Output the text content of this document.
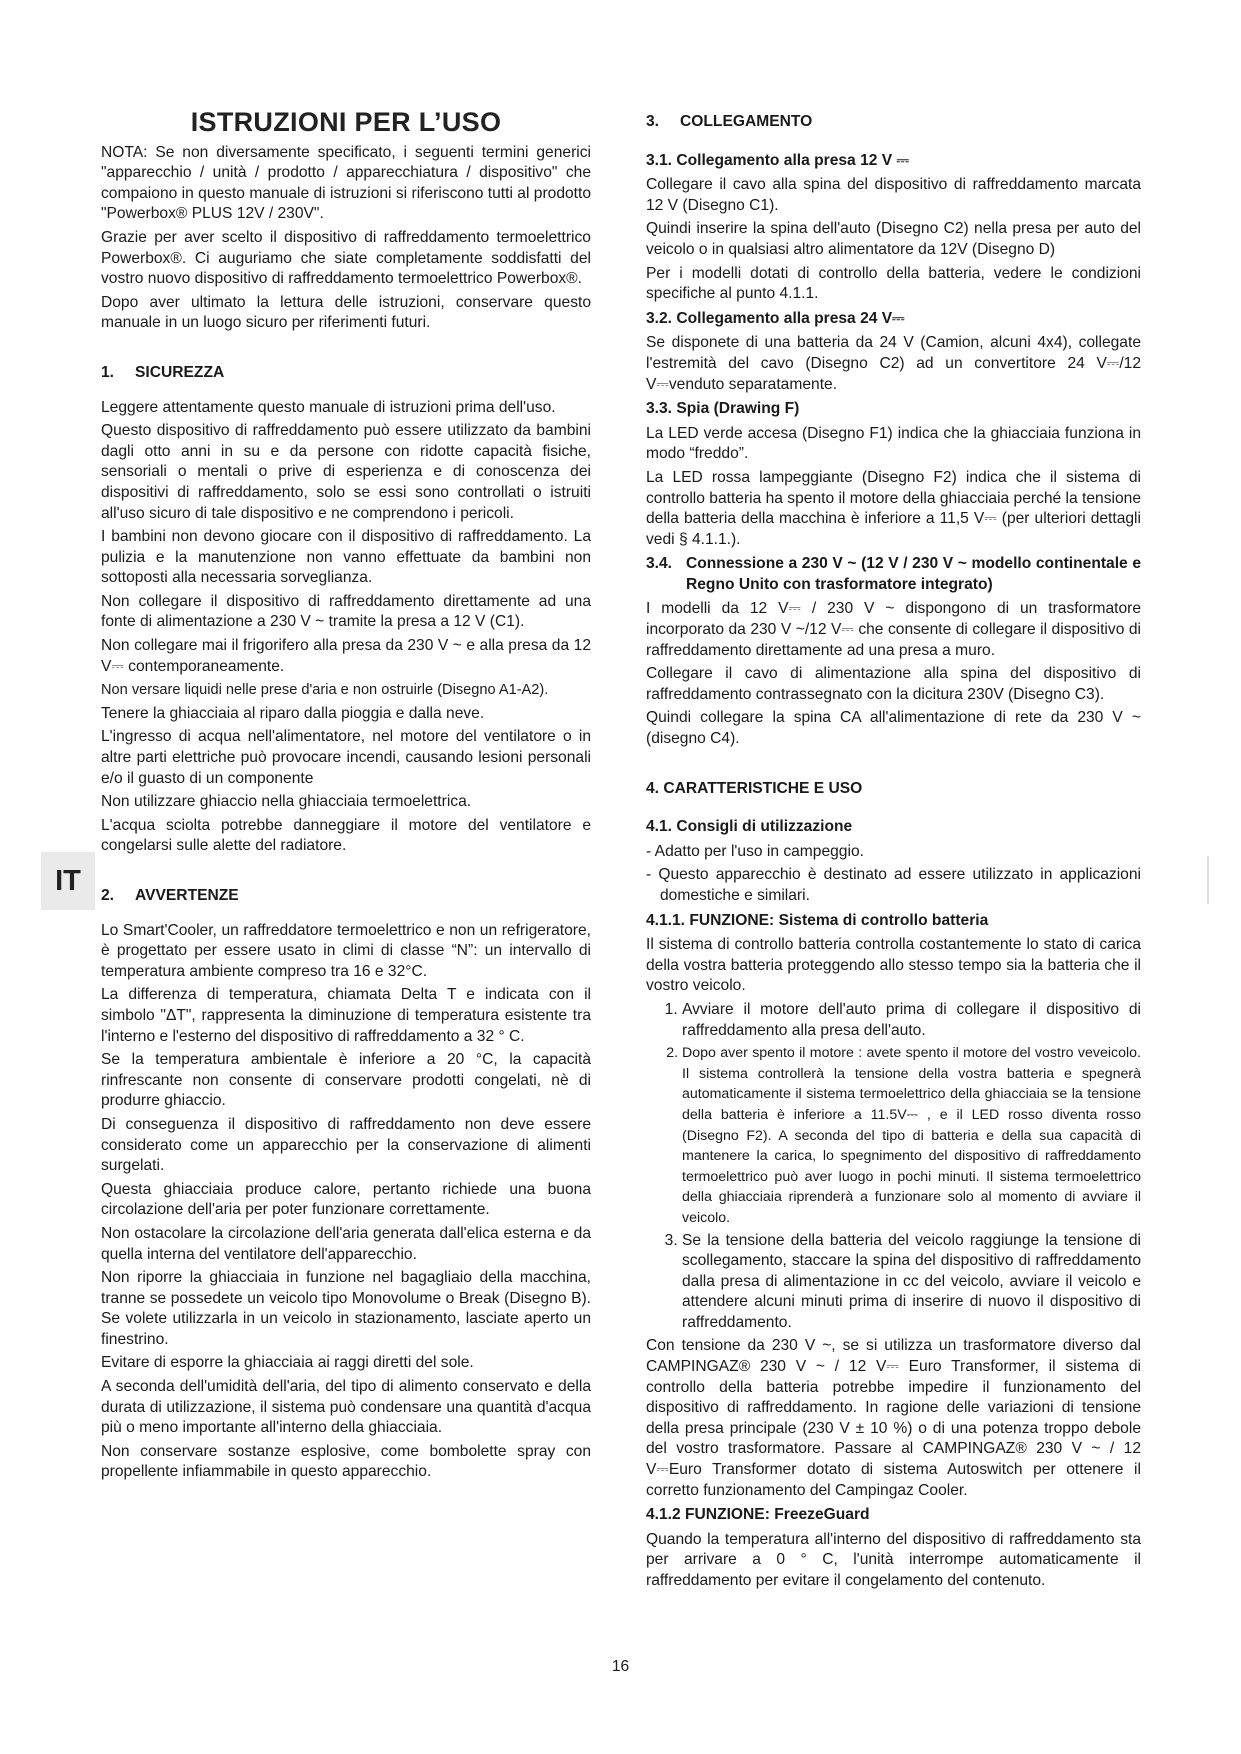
IT
ISTRUZIONI PER L’USO

NOTA: Se non diversamente specificato, i seguenti termini generici "apparecchio / unità / prodotto / apparecchiatura / dispositivo" che compaiono in questo manuale di istruzioni si riferiscono tutti al prodotto "Powerbox® PLUS 12V / 230V".

Grazie per aver scelto il dispositivo di raffreddamento termoelettrico Powerbox®. Ci auguriamo che siate completamente soddisfatti del vostro nuovo dispositivo di raffreddamento termoelettrico Powerbox®.

Dopo aver ultimato la lettura delle istruzioni, conservare questo manuale in un luogo sicuro per riferimenti futuri.

1. SICUREZZA

Leggere attentamente questo manuale di istruzioni prima dell'uso.

Questo dispositivo di raffreddamento può essere utilizzato da bambini dagli otto anni in su e da persone con ridotte capacità fisiche, sensoriali o mentali o prive di esperienza e di conoscenza dei dispositivi di raffreddamento, solo se essi sono controllati o istruiti all'uso sicuro di tale dispositivo e ne comprendono i pericoli.

I bambini non devono giocare con il dispositivo di raffreddamento. La pulizia e la manutenzione non vanno effettuate da bambini non sottoposti alla necessaria sorveglianza.

Non collegare il dispositivo di raffreddamento direttamente ad una fonte di alimentazione a 230 V ~ tramite la presa a 12 V (C1).

Non collegare mai il frigorifero alla presa da 230 V ~ e alla presa da 12 V⎓ contemporaneamente.

Non versare liquidi nelle prese d'aria e non ostruirle (Disegno A1-A2).

Tenere la ghiacciaia al riparo dalla pioggia e dalla neve.

L'ingresso di acqua nell'alimentatore, nel motore del ventilatore o in altre parti elettriche può provocare incendi, causando lesioni personali e/o il guasto di un componente

Non utilizzare ghiaccio nella ghiacciaia termoelettrica.

L'acqua sciolta potrebbe danneggiare il motore del ventilatore e congelarsi sulle alette del radiatore.

2. AVVERTENZE

Lo Smart'Cooler, un raffreddatore termoelettrico e non un refrigeratore, è progettato per essere usato in climi di classe “N”: un intervallo di temperatura ambiente compreso tra 16 e 32°C.

La differenza di temperatura, chiamata Delta T e indicata con il simbolo "ΔT", rappresenta la diminuzione di temperatura esistente tra l'interno e l'esterno del dispositivo di raffreddamento a 32 ° C.

Se la temperatura ambientale è inferiore a 20 °C, la capacità rinfrescante non consente di conservare prodotti congelati, nè di produrre ghiaccio.

Di conseguenza il dispositivo di raffreddamento non deve essere considerato come un apparecchio per la conservazione di alimenti surgelati.

Questa ghiacciaia produce calore, pertanto richiede una buona circolazione dell'aria per poter funzionare correttamente.

Non ostacolare la circolazione dell'aria generata dall'elica esterna e da quella interna del ventilatore dell'apparecchio.

Non riporre la ghiacciaia in funzione nel bagagliaio della macchina, tranne se possedete un veicolo tipo Monovolume o Break (Disegno B). Se volete utilizzarla in un veicolo in stazionamento, lasciate aperto un finestrino.

Evitare di esporre la ghiacciaia ai raggi diretti del sole.

A seconda dell'umidità dell'aria, del tipo di alimento conservato e della durata di utilizzazione, il sistema può condensare una quantità d'acqua più o meno importante all'interno della ghiacciaia.

Non conservare sostanze esplosive, come bombolette spray con propellente infiammabile in questo apparecchio.

3. COLLEGAMENTO
3.1. Collegamento alla presa 12 V ⎓

Collegare il cavo alla spina del dispositivo di raffreddamento marcata 12 V (Disegno C1).

Quindi inserire la spina dell'auto (Disegno C2) nella presa per auto del veicolo o in qualsiasi altro alimentatore da 12V (Disegno D)

Per i modelli dotati di controllo della batteria, vedere le condizioni specifiche al punto 4.1.1.

3.2. Collegamento alla presa 24 V⎓

Se disponete di una batteria da 24 V (Camion, alcuni 4x4), collegate l'estremità del cavo (Disegno C2) ad un convertitore 24 V⎓/12 V⎓venduto separatamente.

3.3. Spia (Drawing F)

La LED verde accesa (Disegno F1) indica che la ghiacciaia funziona in modo “freddo”.

La LED rossa lampeggiante (Disegno F2) indica che il sistema di controllo batteria ha spento il motore della ghiacciaia perché la tensione della batteria della macchina è inferiore a 11,5 V⎓ (per ulteriori dettagli vedi § 4.1.1.).

3.4. Connessione a 230 V ~ (12 V / 230 V ~ modello continentale e Regno Unito con trasformatore integrato)

I modelli da 12 V⎓ / 230 V ~ dispongono di un trasformatore incorporato da 230 V ~/12 V⎓ che consente di collegare il dispositivo di raffreddamento direttamente ad una presa a muro.

Collegare il cavo di alimentazione alla spina del dispositivo di raffreddamento contrassegnato con la dicitura 230V (Disegno C3).

Quindi collegare la spina CA all'alimentazione di rete da 230 V ~ (disegno C4).

4. CARATTERISTICHE E USO
4.1. Consigli di utilizzazione

- Adatto per l'uso in campeggio.

- Questo apparecchio è destinato ad essere utilizzato in applicazioni domestiche e similari.

4.1.1. FUNZIONE: Sistema di controllo batteria

Il sistema di controllo batteria controlla costantemente lo stato di carica della vostra batteria proteggendo allo stesso tempo sia la batteria che il vostro veicolo.

1. Avviare il motore dell'auto prima di collegare il dispositivo di raffreddamento alla presa dell'auto.
2. Dopo aver spento il motore : avete spento il motore del vostro veveicolo. Il sistema controllerà la tensione della vostra batteria e spegnerà automaticamente il sistema termoelettrico della ghiacciaia se la tensione della batteria è inferiore a 11.5V⎓ , e il LED rosso diventa rosso (Disegno F2). A seconda del tipo di batteria e della sua capacità di mantenere la carica, lo spegnimento del dispositivo di raffreddamento termoelettrico può aver luogo in pochi minuti. Il sistema termoelettrico della ghiacciaia riprenderà a funzionare solo al momento di avviare il veicolo.
3. Se la tensione della batteria del veicolo raggiunge la tensione di scollegamento, staccare la spina del dispositivo di raffreddamento dalla presa di alimentazione in cc del veicolo, avviare il veicolo e attendere alcuni minuti prima di inserire di nuovo il dispositivo di raffreddamento.

Con tensione da 230 V ~, se si utilizza un trasformatore diverso dal CAMPINGAZ® 230 V ~ / 12 V⎓ Euro Transformer, il sistema di controllo della batteria potrebbe impedire il funzionamento del dispositivo di raffreddamento. In ragione delle variazioni di tensione della presa principale (230 V ± 10 %) o di una potenza troppo debole del vostro trasformatore. Passare al CAMPINGAZ® 230 V ~ / 12 V⎓Euro Transformer dotato di sistema Autoswitch per ottenere il corretto funzionamento del Campingaz Cooler.

4.1.2 FUNZIONE: FreezeGuard

Quando la temperatura all'interno del dispositivo di raffreddamento sta per arrivare a 0 ° C, l'unità interrompe automaticamente il raffreddamento per evitare il congelamento del contenuto.

16
